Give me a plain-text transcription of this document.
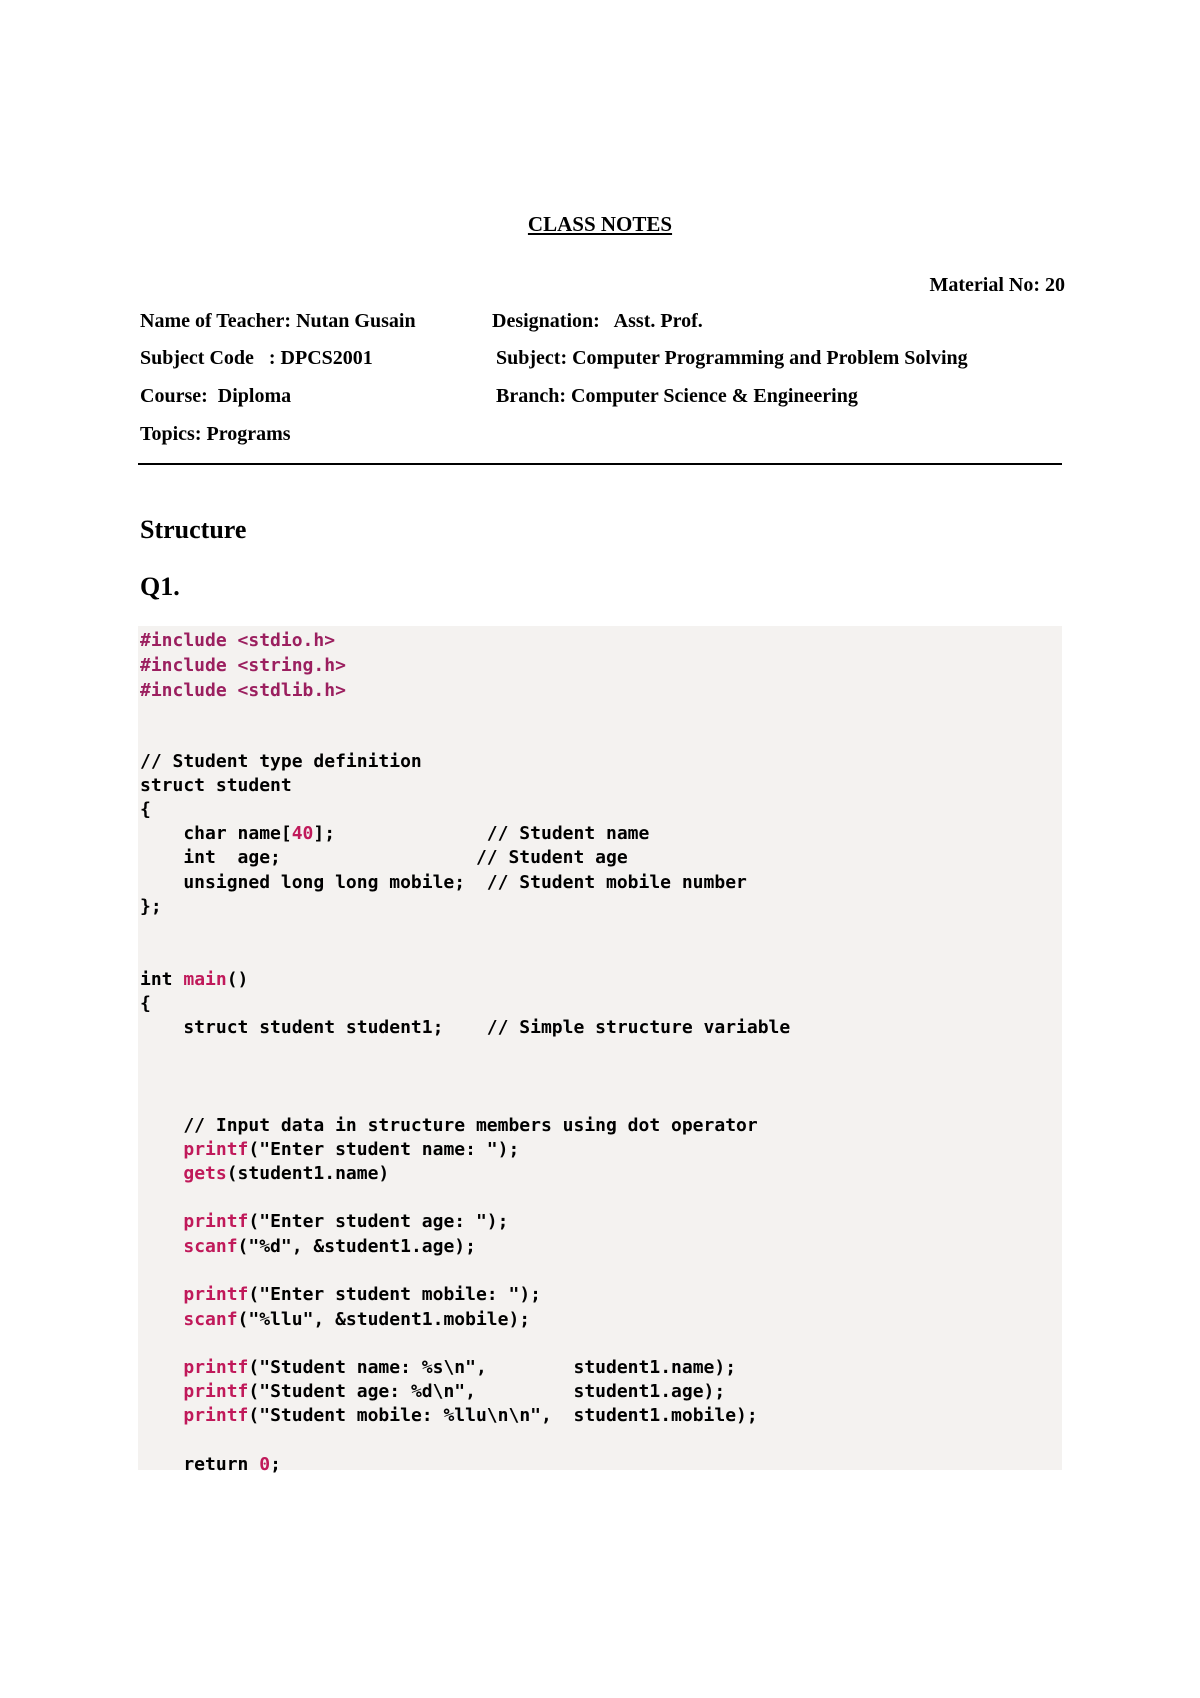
CLASS NOTES
Material No: 20
Name of Teacher: Nutan Gusain	Designation:   Asst. Prof.
Subject Code   : DPCS2001	Subject: Computer Programming and Problem Solving
Course:  Diploma	Branch: Computer Science & Engineering
Topics: Programs
Structure
Q1.
#include <stdio.h>
#include <string.h>
#include <stdlib.h>
// Student type definition
struct student
{
char name[40];              // Student name
int  age;                  // Student age
unsigned long long mobile;  // Student mobile number
};
int main()
{
struct student student1;    // Simple structure variable
// Input data in structure members using dot operator
printf("Enter student name: ");
gets(student1.name)
printf("Enter student age: ");
scanf("%d", &student1.age);
printf("Enter student mobile: ");
scanf("%llu", &student1.mobile);
printf("Student name: %s\n",        student1.name);
printf("Student age: %d\n",         student1.age);
printf("Student mobile: %llu\n\n",  student1.mobile);
return 0;
